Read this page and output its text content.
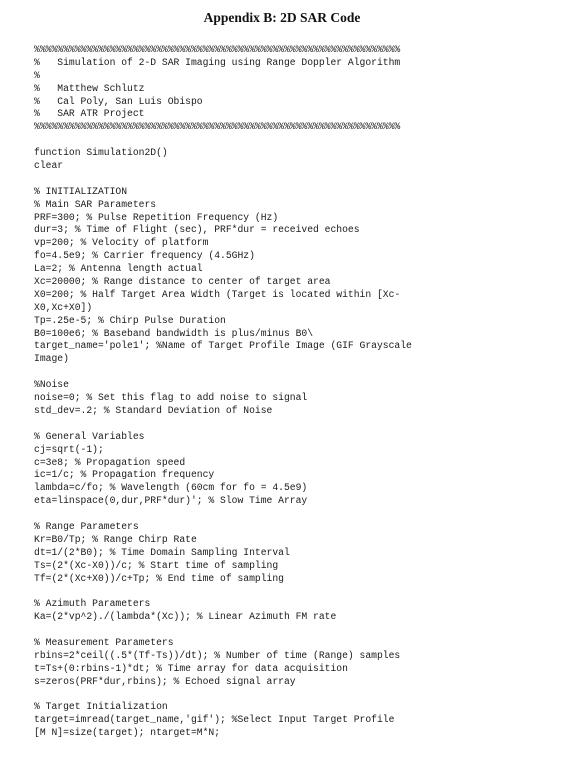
Appendix B: 2D SAR Code
%%%%%%%%%%%%%%%%%%%%%%%%%%%%%%%%%%%%%%%%%%%%%%%%%%%%%%%%%%%%%%%
%   Simulation of 2-D SAR Imaging using Range Doppler Algorithm
%
%   Matthew Schlutz
%   Cal Poly, San Luis Obispo
%   SAR ATR Project
%%%%%%%%%%%%%%%%%%%%%%%%%%%%%%%%%%%%%%%%%%%%%%%%%%%%%%%%%%%%%%%
function Simulation2D()
clear
% INITIALIZATION
% Main SAR Parameters
PRF=300; % Pulse Repetition Frequency (Hz)
dur=3; % Time of Flight (sec), PRF*dur = received echoes
vp=200; % Velocity of platform
fo=4.5e9; % Carrier frequency (4.5GHz)
La=2; % Antenna length actual
Xc=20000; % Range distance to center of target area
X0=200; % Half Target Area Width (Target is located within [Xc-
X0,Xc+X0])
Tp=.25e-5; % Chirp Pulse Duration
B0=100e6; % Baseband bandwidth is plus/minus B0\
target_name='pole1'; %Name of Target Profile Image (GIF Grayscale
Image)
%Noise
noise=0; % Set this flag to add noise to signal
std_dev=.2; % Standard Deviation of Noise
% General Variables
cj=sqrt(-1);
c=3e8; % Propagation speed
ic=1/c; % Propagation frequency
lambda=c/fo; % Wavelength (60cm for fo = 4.5e9)
eta=linspace(0,dur,PRF*dur)'; % Slow Time Array
% Range Parameters
Kr=B0/Tp; % Range Chirp Rate
dt=1/(2*B0); % Time Domain Sampling Interval
Ts=(2*(Xc-X0))/c; % Start time of sampling
Tf=(2*(Xc+X0))/c+Tp; % End time of sampling
% Azimuth Parameters
Ka=(2*vp^2)./(lambda*(Xc)); % Linear Azimuth FM rate
% Measurement Parameters
rbins=2*ceil((.5*(Tf-Ts))/dt); % Number of time (Range) samples
t=Ts+(0:rbins-1)*dt; % Time array for data acquisition
s=zeros(PRF*dur,rbins); % Echoed signal array
% Target Initialization
target=imread(target_name,'gif'); %Select Input Target Profile
[M N]=size(target); ntarget=M*N;
